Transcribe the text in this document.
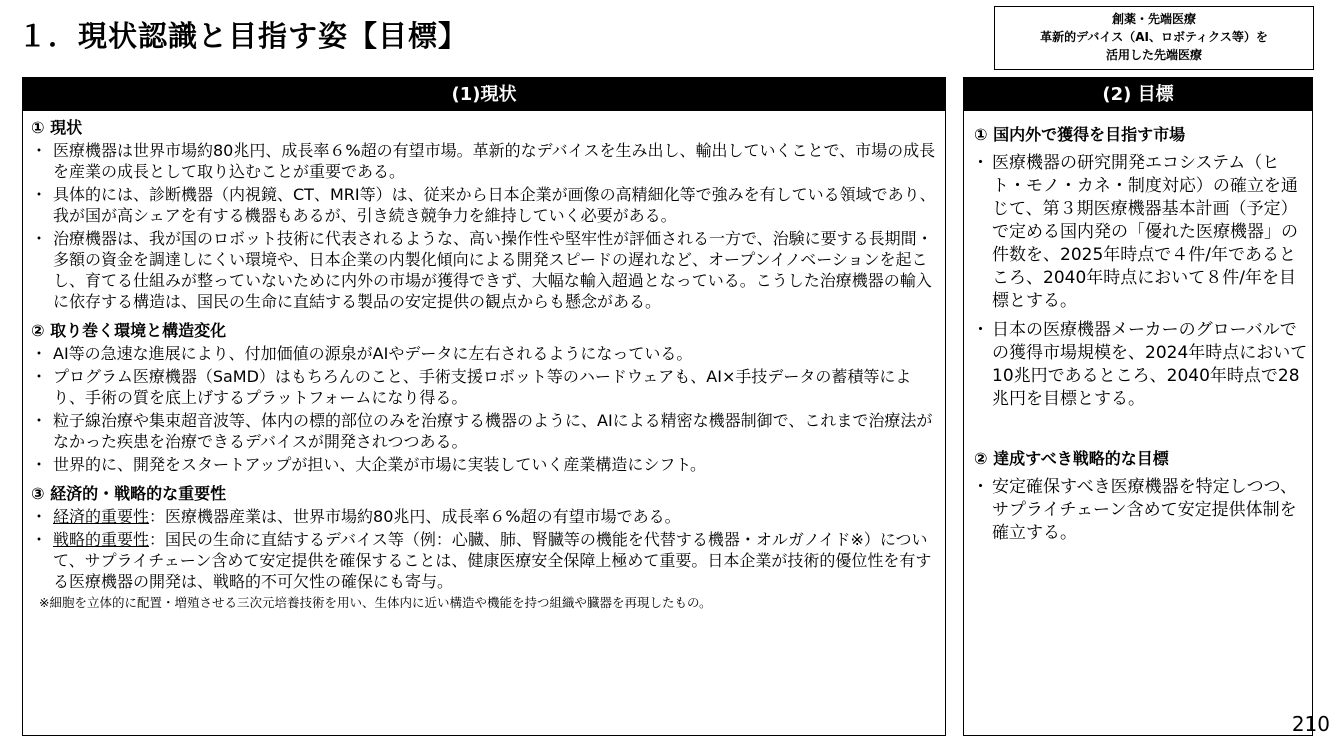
１．現状認識と目指す姿【目標】	創薬・先端医療
革新的デバイス（AI、ロボティクス等）を
活用した先端医療
(1)現状
① 現状
・ 医療機器は世界市場約80兆円、成長率６%超の有望市場。革新的なデバイスを生み出し、輸出していくことで、市場の成長を産業の成長として取り込むことが重要である。
・ 具体的には、診断機器（内視鏡、CT、MRI等）は、従来から日本企業が画像の高精細化等で強みを有している領域であり、我が国が高シェアを有する機器もあるが、引き続き競争力を維持していく必要がある。
・ 治療機器は、我が国のロボット技術に代表されるような、高い操作性や堅牢性が評価される一方で、治験に要する長期間・多額の資金を調達しにくい環境や、日本企業の内製化傾向による開発スピードの遅れなど、オープンイノベーションを起こし、育てる仕組みが整っていないために内外の市場が獲得できず、大幅な輸入超過となっている。こうした治療機器の輸入に依存する構造は、国民の生命に直結する製品の安定提供の観点からも懸念がある。
② 取り巻く環境と構造変化
・ AI等の急速な進展により、付加価値の源泉がAIやデータに左右されるようになっている。
・ プログラム医療機器（SaMD）はもちろんのこと、手術支援ロボット等のハードウェアも、AI×手技データの蓄積等により、手術の質を底上げするプラットフォームになり得る。
・ 粒子線治療や集束超音波等、体内の標的部位のみを治療する機器のように、AIによる精密な機器制御で、これまで治療法がなかった疾患を治療できるデバイスが開発されつつある。
・ 世界的に、開発をスタートアップが担い、大企業が市場に実装していく産業構造にシフト。
③ 経済的・戦略的な重要性
・ 経済的重要性：医療機器産業は、世界市場約80兆円、成長率６%超の有望市場である。
・ 戦略的重要性：国民の生命に直結するデバイス等（例：心臓、肺、腎臓等の機能を代替する機器・オルガノイド※）について、サプライチェーン含めて安定提供を確保することは、健康医療安全保障上極めて重要。日本企業が技術的優位性を有する医療機器の開発は、戦略的不可欠性の確保にも寄与。
※細胞を立体的に配置・増殖させる三次元培養技術を用い、生体内に近い構造や機能を持つ組織や臓器を再現したもの。
(2) 目標
① 国内外で獲得を目指す市場
・ 医療機器の研究開発エコシステム（ヒト・モノ・カネ・制度対応）の確立を通じて、第３期医療機器基本計画（予定）で定める国内発の「優れた医療機器」の件数を、2025年時点で４件/年であるところ、2040年時点において８件/年を目標とする。
・ 日本の医療機器メーカーのグローバルでの獲得市場規模を、2024年時点において10兆円であるところ、2040年時点で28兆円を目標とする。
② 達成すべき戦略的な目標
・ 安定確保すべき医療機器を特定しつつ、サプライチェーン含めて安定提供体制を確立する。
210
